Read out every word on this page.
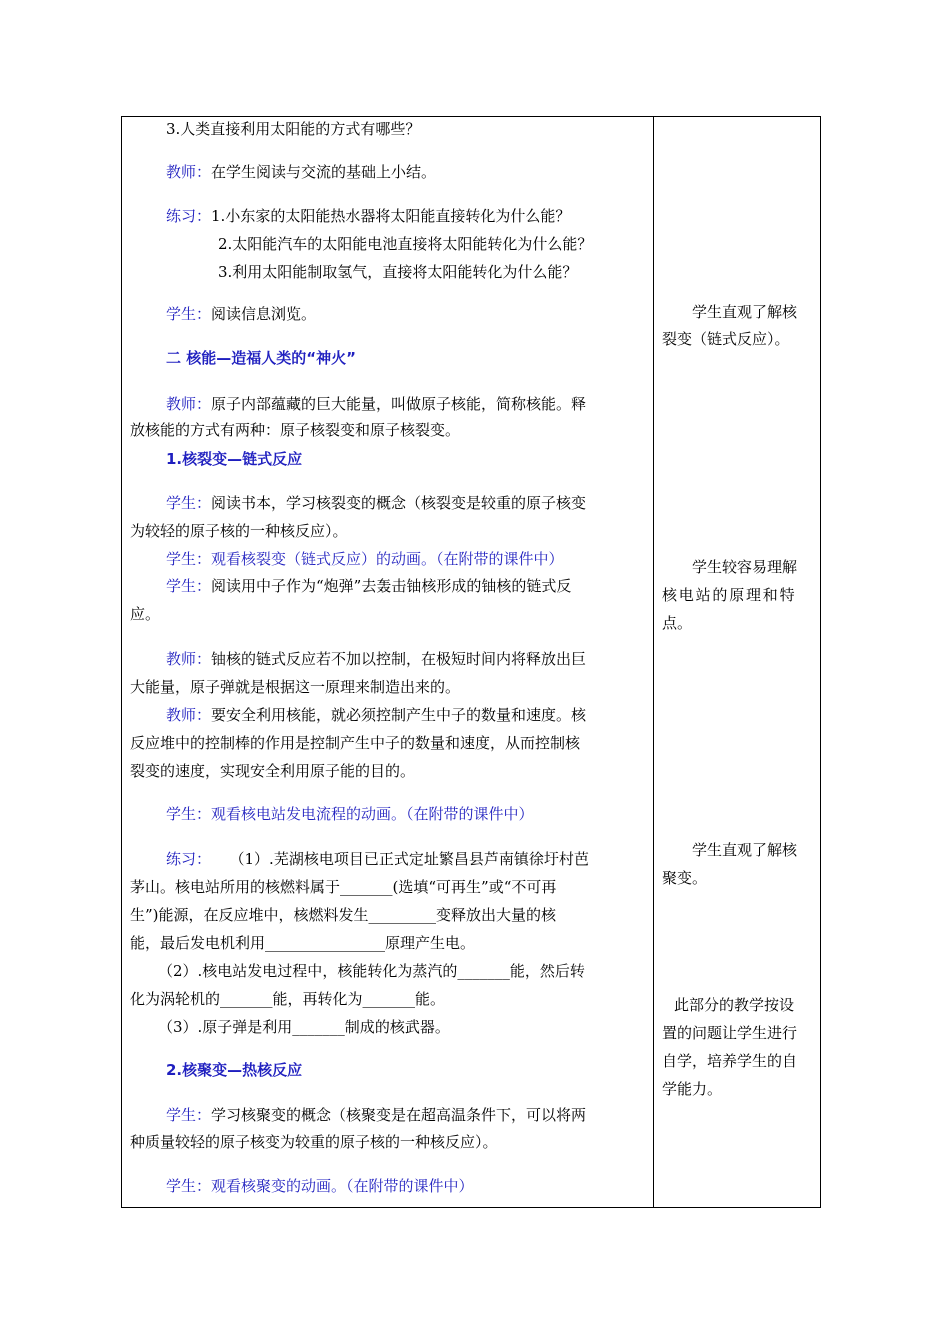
3.人类直接利用太阳能的方式有哪些？
教师：在学生阅读与交流的基础上小结。
练习：1.小东家的太阳能热水器将太阳能直接转化为什么能？
2.太阳能汽车的太阳能电池直接将太阳能转化为什么能？
3.利用太阳能制取氢气，直接将太阳能转化为什么能？
学生：阅读信息浏览。
二 核能—造福人类的“神火”
教师：原子内部蕴藏的巨大能量，叫做原子核能，简称核能。释
放核能的方式有两种：原子核裂变和原子核裂变。
1.核裂变—链式反应
学生：阅读书本，学习核裂变的概念（核裂变是较重的原子核变
为较轻的原子核的一种核反应）。
学生：观看核裂变（链式反应）的动画。（在附带的课件中）
学生：阅读用中子作为“炮弹”去轰击铀核形成的铀核的链式反
应。
教师：铀核的链式反应若不加以控制，在极短时间内将释放出巨
大能量，原子弹就是根据这一原理来制造出来的。
教师：要安全利用核能，就必须控制产生中子的数量和速度。核
反应堆中的控制棒的作用是控制产生中子的数量和速度，从而控制核
裂变的速度，实现安全利用原子能的目的。
学生：观看核电站发电流程的动画。（在附带的课件中）
练习： （1）.芜湖核电项目已正式定址繁昌县芦南镇徐圩村芭
茅山。核电站所用的核燃料属于_______(选填“可再生”或“不可再
生”)能源，在反应堆中，核燃料发生_________变释放出大量的核
能，最后发电机利用________________原理产生电。
（2）.核电站发电过程中，核能转化为蒸汽的_______能，然后转
化为涡轮机的_______能，再转化为_______能。
（3）.原子弹是利用_______制成的核武器。
2.核聚变—热核反应
学生：学习核聚变的概念（核聚变是在超高温条件下，可以将两
种质量较轻的原子核变为较重的原子核的一种核反应）。
学生：观看核聚变的动画。（在附带的课件中）
学生直观了解核
裂变（链式反应）。
学生较容易理解
核电站的原理和特
点。
学生直观了解核
聚变。
此部分的教学按设
置的问题让学生进行
自学，培养学生的自
学能力。
